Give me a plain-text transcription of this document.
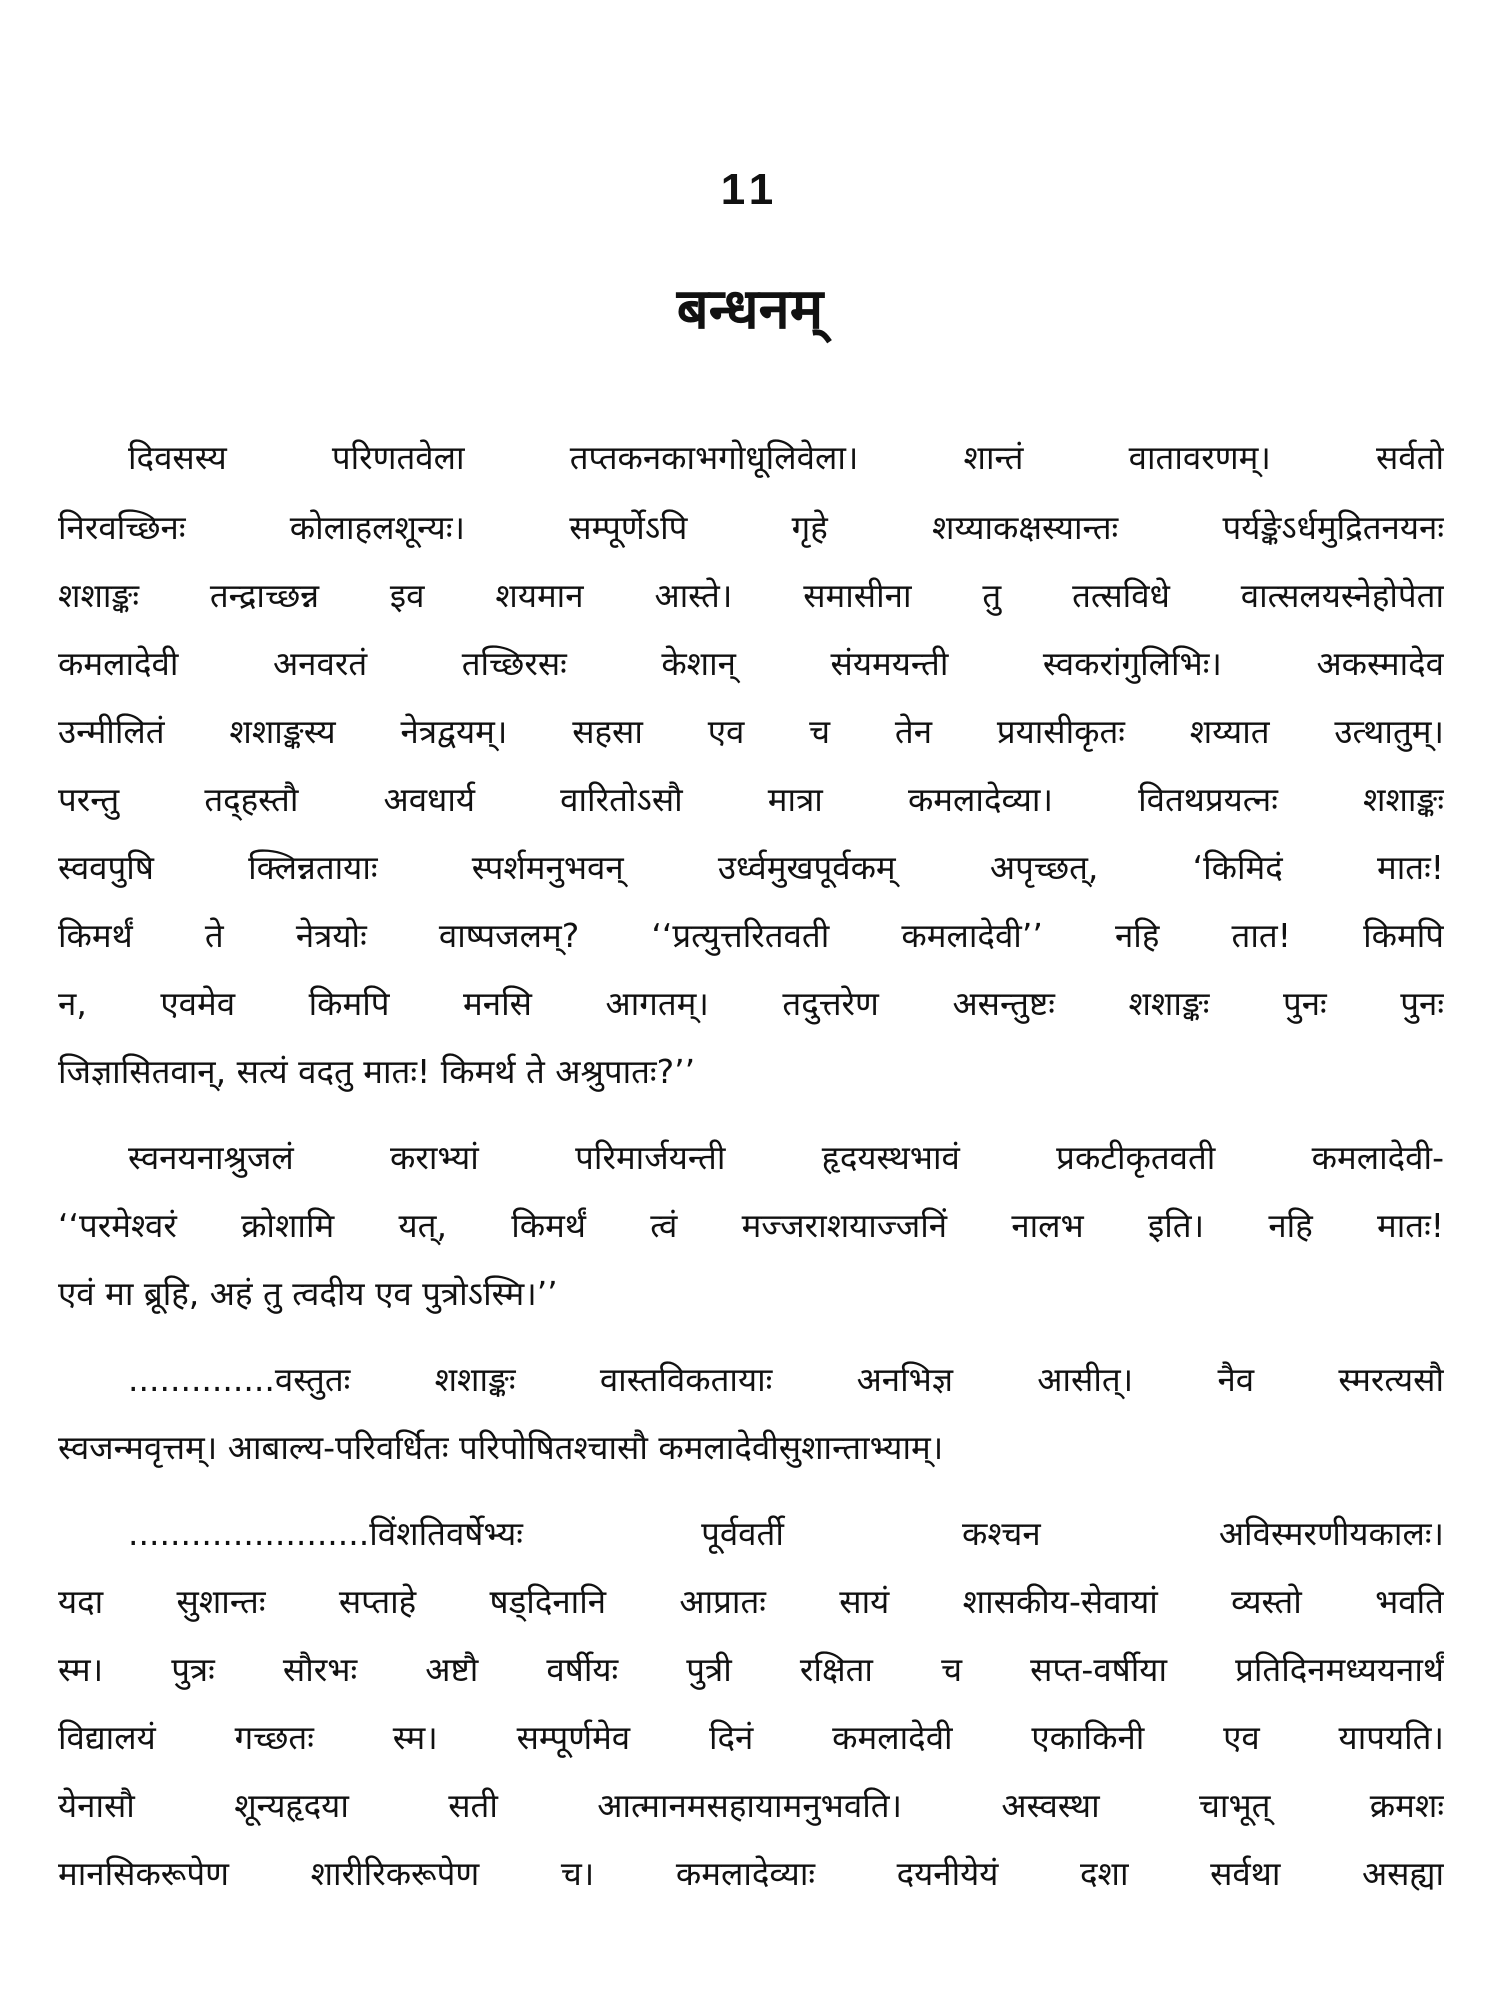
11
बन्धनम्
दिवसस्य परिणतवेला तप्तकनकाभगोधूलिवेला। शान्तं वातावरणम्। सर्वतो
निरवच्छिनः कोलाहलशून्यः। सम्पूर्णेऽपि गृहे शय्याकक्षस्यान्तः पर्यङ्केऽर्धमुद्रितनयनः
शशाङ्कः तन्द्राच्छन्न इव शयमान आस्ते। समासीना तु तत्सविधे वात्सलयस्नेहोपेता
कमलादेवी अनवरतं तच्छिरसः केशान् संयमयन्ती स्वकरांगुलिभिः। अकस्मादेव
उन्मीलितं शशाङ्कस्य नेत्रद्वयम्। सहसा एव च तेन प्रयासीकृतः शय्यात उत्थातुम्।
परन्तु तद्हस्तौ अवधार्य वारितोऽसौ मात्रा कमलादेव्या। वितथप्रयत्नः शशाङ्कः
स्ववपुषि क्लिन्नतायाः स्पर्शमनुभवन् उर्ध्वमुखपूर्वकम् अपृच्छत्, ‘किमिदं मातः!
किमर्थं ते नेत्रयोः वाष्पजलम्? ‘‘प्रत्युत्तरितवती कमलादेवी’’ नहि तात! किमपि
न, एवमेव किमपि मनसि आगतम्। तदुत्तरेण असन्तुष्टः शशाङ्कः पुनः पुनः
जिज्ञासितवान्, सत्यं वदतु मातः! किमर्थ ते अश्रुपातः?’’
स्वनयनाश्रुजलं कराभ्यां परिमार्जयन्ती हृदयस्थभावं प्रकटीकृतवती कमलादेवी-
‘‘परमेश्वरं क्रोशामि यत्, किमर्थं त्वं मज्जराशयाज्जनिं नालभ इति। नहि मातः!
एवं मा ब्रूहि, अहं तु त्वदीय एव पुत्रोऽस्मि।’’
..............वस्तुतः शशाङ्कः वास्तविकतायाः अनभिज्ञ आसीत्। नैव स्मरत्यसौ
स्वजन्मवृत्तम्। आबाल्य-परिवर्धितः परिपोषितश्चासौ कमलादेवीसुशान्ताभ्याम्।
.......................विंशतिवर्षेभ्यः पूर्ववर्ती कश्चन अविस्मरणीयकालः।
यदा सुशान्तः सप्ताहे षड्दिनानि आप्रातः सायं शासकीय-सेवायां व्यस्तो भवति
स्म। पुत्रः सौरभः अष्टौ वर्षीयः पुत्री रक्षिता च सप्त-वर्षीया प्रतिदिनमध्ययनार्थं
विद्यालयं गच्छतः स्म। सम्पूर्णमेव दिनं कमलादेवी एकाकिनी एव यापयति।
येनासौ शून्यहृदया सती आत्मानमसहायामनुभवति। अस्वस्था चाभूत् क्रमशः
मानसिकरूपेण शारीरिकरूपेण च। कमलादेव्याः दयनीयेयं दशा सर्वथा असह्या
